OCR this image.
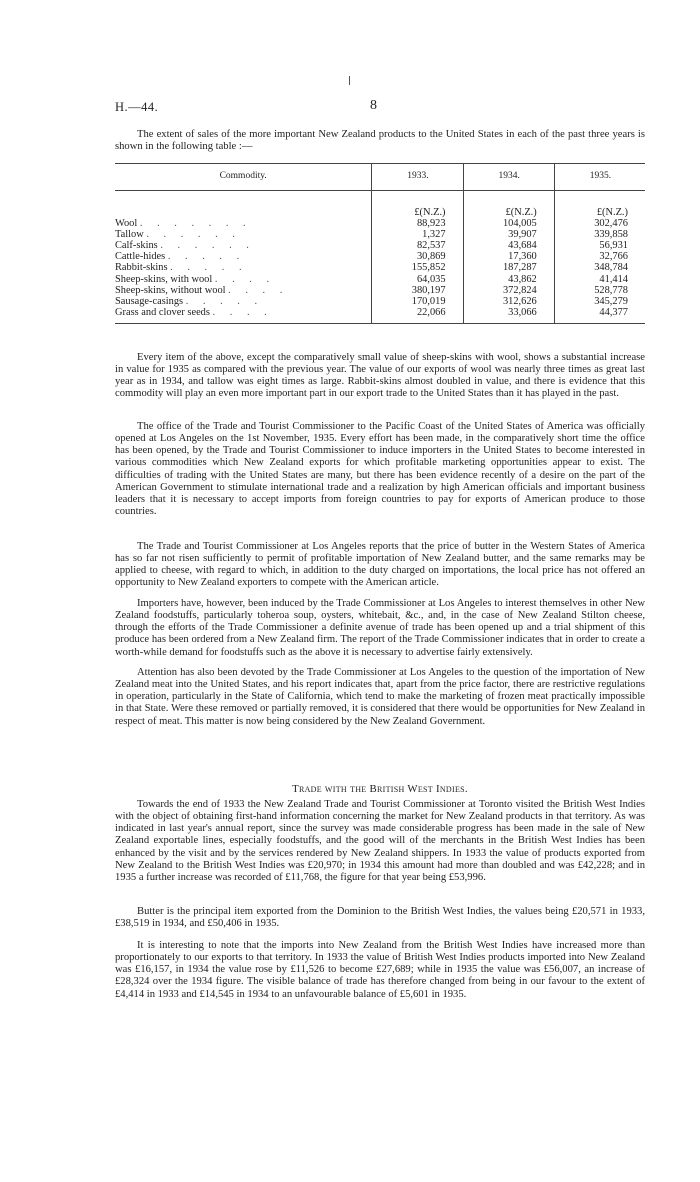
H.—44.	8

The extent of sales of the more important New Zealand products to the United States in each of the past three years is shown in the following table :—

Commodity.	1933.	1934.	1935.

	£(N.Z.)	£(N.Z.)	£(N.Z.)

Wool . . . . . . .	88,923	104,005	302,476

Tallow . . . . . .	1,327	39,907	339,858

Calf-skins . . . . . .	82,537	43,684	56,931

Cattle-hides . . . . .	30,869	17,360	32,766

Rabbit-skins . . . . .	155,852	187,287	348,784

Sheep-skins, with wool . . . .	64,035	43,862	41,414

Sheep-skins, without wool . . . .	380,197	372,824	528,778

Sausage-casings . . . . .	170,019	312,626	345,279

Grass and clover seeds . . . .	22,066	33,066	44,377

Every item of the above, except the comparatively small value of sheep-skins with wool, shows a substantial increase in value for 1935 as compared with the previous year. The value of our exports of wool was nearly three times as great last year as in 1934, and tallow was eight times as large. Rabbit-skins almost doubled in value, and there is evidence that this commodity will play an even more important part in our export trade to the United States than it has played in the past.

The office of the Trade and Tourist Commissioner to the Pacific Coast of the United States of America was officially opened at Los Angeles on the 1st November, 1935. Every effort has been made, in the comparatively short time the office has been opened, by the Trade and Tourist Commissioner to induce importers in the United States to become interested in various commodities which New Zealand exports for which profitable marketing opportunities appear to exist. The difficulties of trading with the United States are many, but there has been evidence recently of a desire on the part of the American Government to stimulate international trade and a realization by high American officials and important business leaders that it is necessary to accept imports from foreign countries to pay for exports of American produce to those countries.

The Trade and Tourist Commissioner at Los Angeles reports that the price of butter in the Western States of America has so far not risen sufficiently to permit of profitable importation of New Zealand butter, and the same remarks may be applied to cheese, with regard to which, in addition to the duty charged on importations, the local price has not offered an opportunity to New Zealand exporters to compete with the American article.

Importers have, however, been induced by the Trade Commissioner at Los Angeles to interest themselves in other New Zealand foodstuffs, particularly toheroa soup, oysters, whitebait, &c., and, in the case of New Zealand Stilton cheese, through the efforts of the Trade Commissioner a definite avenue of trade has been opened up and a trial shipment of this produce has been ordered from a New Zealand firm. The report of the Trade Commissioner indicates that in order to create a worth-while demand for foodstuffs such as the above it is necessary to advertise fairly extensively.

Attention has also been devoted by the Trade Commissioner at Los Angeles to the question of the importation of New Zealand meat into the United States, and his report indicates that, apart from the price factor, there are restrictive regulations in operation, particularly in the State of California, which tend to make the marketing of frozen meat practically impossible in that State. Were these removed or partially removed, it is considered that there would be opportunities for New Zealand in respect of meat. This matter is now being considered by the New Zealand Government.

Trade with the British West Indies.

Towards the end of 1933 the New Zealand Trade and Tourist Commissioner at Toronto visited the British West Indies with the object of obtaining first-hand information concerning the market for New Zealand products in that territory. As was indicated in last year's annual report, since the survey was made considerable progress has been made in the sale of New Zealand exportable lines, especially foodstuffs, and the good will of the merchants in the British West Indies has been enhanced by the visit and by the services rendered by New Zealand shippers. In 1933 the value of products exported from New Zealand to the British West Indies was £20,970; in 1934 this amount had more than doubled and was £42,228; and in 1935 a further increase was recorded of £11,768, the figure for that year being £53,996.

Butter is the principal item exported from the Dominion to the British West Indies, the values being £20,571 in 1933, £38,519 in 1934, and £50,406 in 1935.

It is interesting to note that the imports into New Zealand from the British West Indies have increased more than proportionately to our exports to that territory. In 1933 the value of British West Indies products imported into New Zealand was £16,157, in 1934 the value rose by £11,526 to become £27,689; while in 1935 the value was £56,007, an increase of £28,324 over the 1934 figure. The visible balance of trade has therefore changed from being in our favour to the extent of £4,414 in 1933 and £14,545 in 1934 to an unfavourable balance of £5,601 in 1935.
